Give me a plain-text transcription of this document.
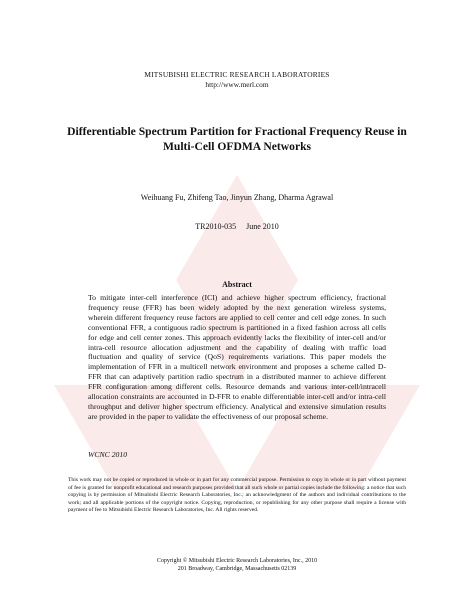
MITSUBISHI ELECTRIC RESEARCH LABORATORIES
http://www.merl.com
Differentiable Spectrum Partition for Fractional Frequency Reuse in Multi-Cell OFDMA Networks
Weihuang Fu, Zhifeng Tao, Jinyun Zhang, Dharma Agrawal
TR2010-035 June 2010
Abstract
To mitigate inter-cell interference (ICI) and achieve higher spectrum efficiency, fractional frequency reuse (FFR) has been widely adopted by the next generation wireless systems, wherein different frequency reuse factors are applied to cell center and cell edge zones. In such conventional FFR, a contiguous radio spectrum is partitioned in a fixed fashion across all cells for edge and cell center zones. This approach evidently lacks the flexibility of inter-cell and/or intra-cell resource allocation adjustment and the capability of dealing with traffic load fluctuation and quality of service (QoS) requirements variations. This paper models the implementation of FFR in a multicell network environment and proposes a scheme called D-FFR that can adaptively partition radio spectrum in a distributed manner to achieve different FFR configuration among different cells. Resource demands and various inter-cell/intracell allocation constraints are accounted in D-FFR to enable differentiable inter-cell and/or intra-cell throughput and deliver higher spectrum efficiency. Analytical and extensive simulation results are provided in the paper to validate the effectiveness of our proposal scheme.
WCNC 2010
This work may not be copied or reproduced in whole or in part for any commercial purpose. Permission to copy in whole or in part without payment of fee is granted for nonprofit educational and research purposes provided that all such whole or partial copies include the following: a notice that such copying is by permission of Mitsubishi Electric Research Laboratories, Inc.; an acknowledgment of the authors and individual contributions to the work; and all applicable portions of the copyright notice. Copying, reproduction, or republishing for any other purpose shall require a license with payment of fee to Mitsubishi Electric Research Laboratories, Inc. All rights reserved.
Copyright © Mitsubishi Electric Research Laboratories, Inc., 2010
201 Broadway, Cambridge, Massachusetts 02139
